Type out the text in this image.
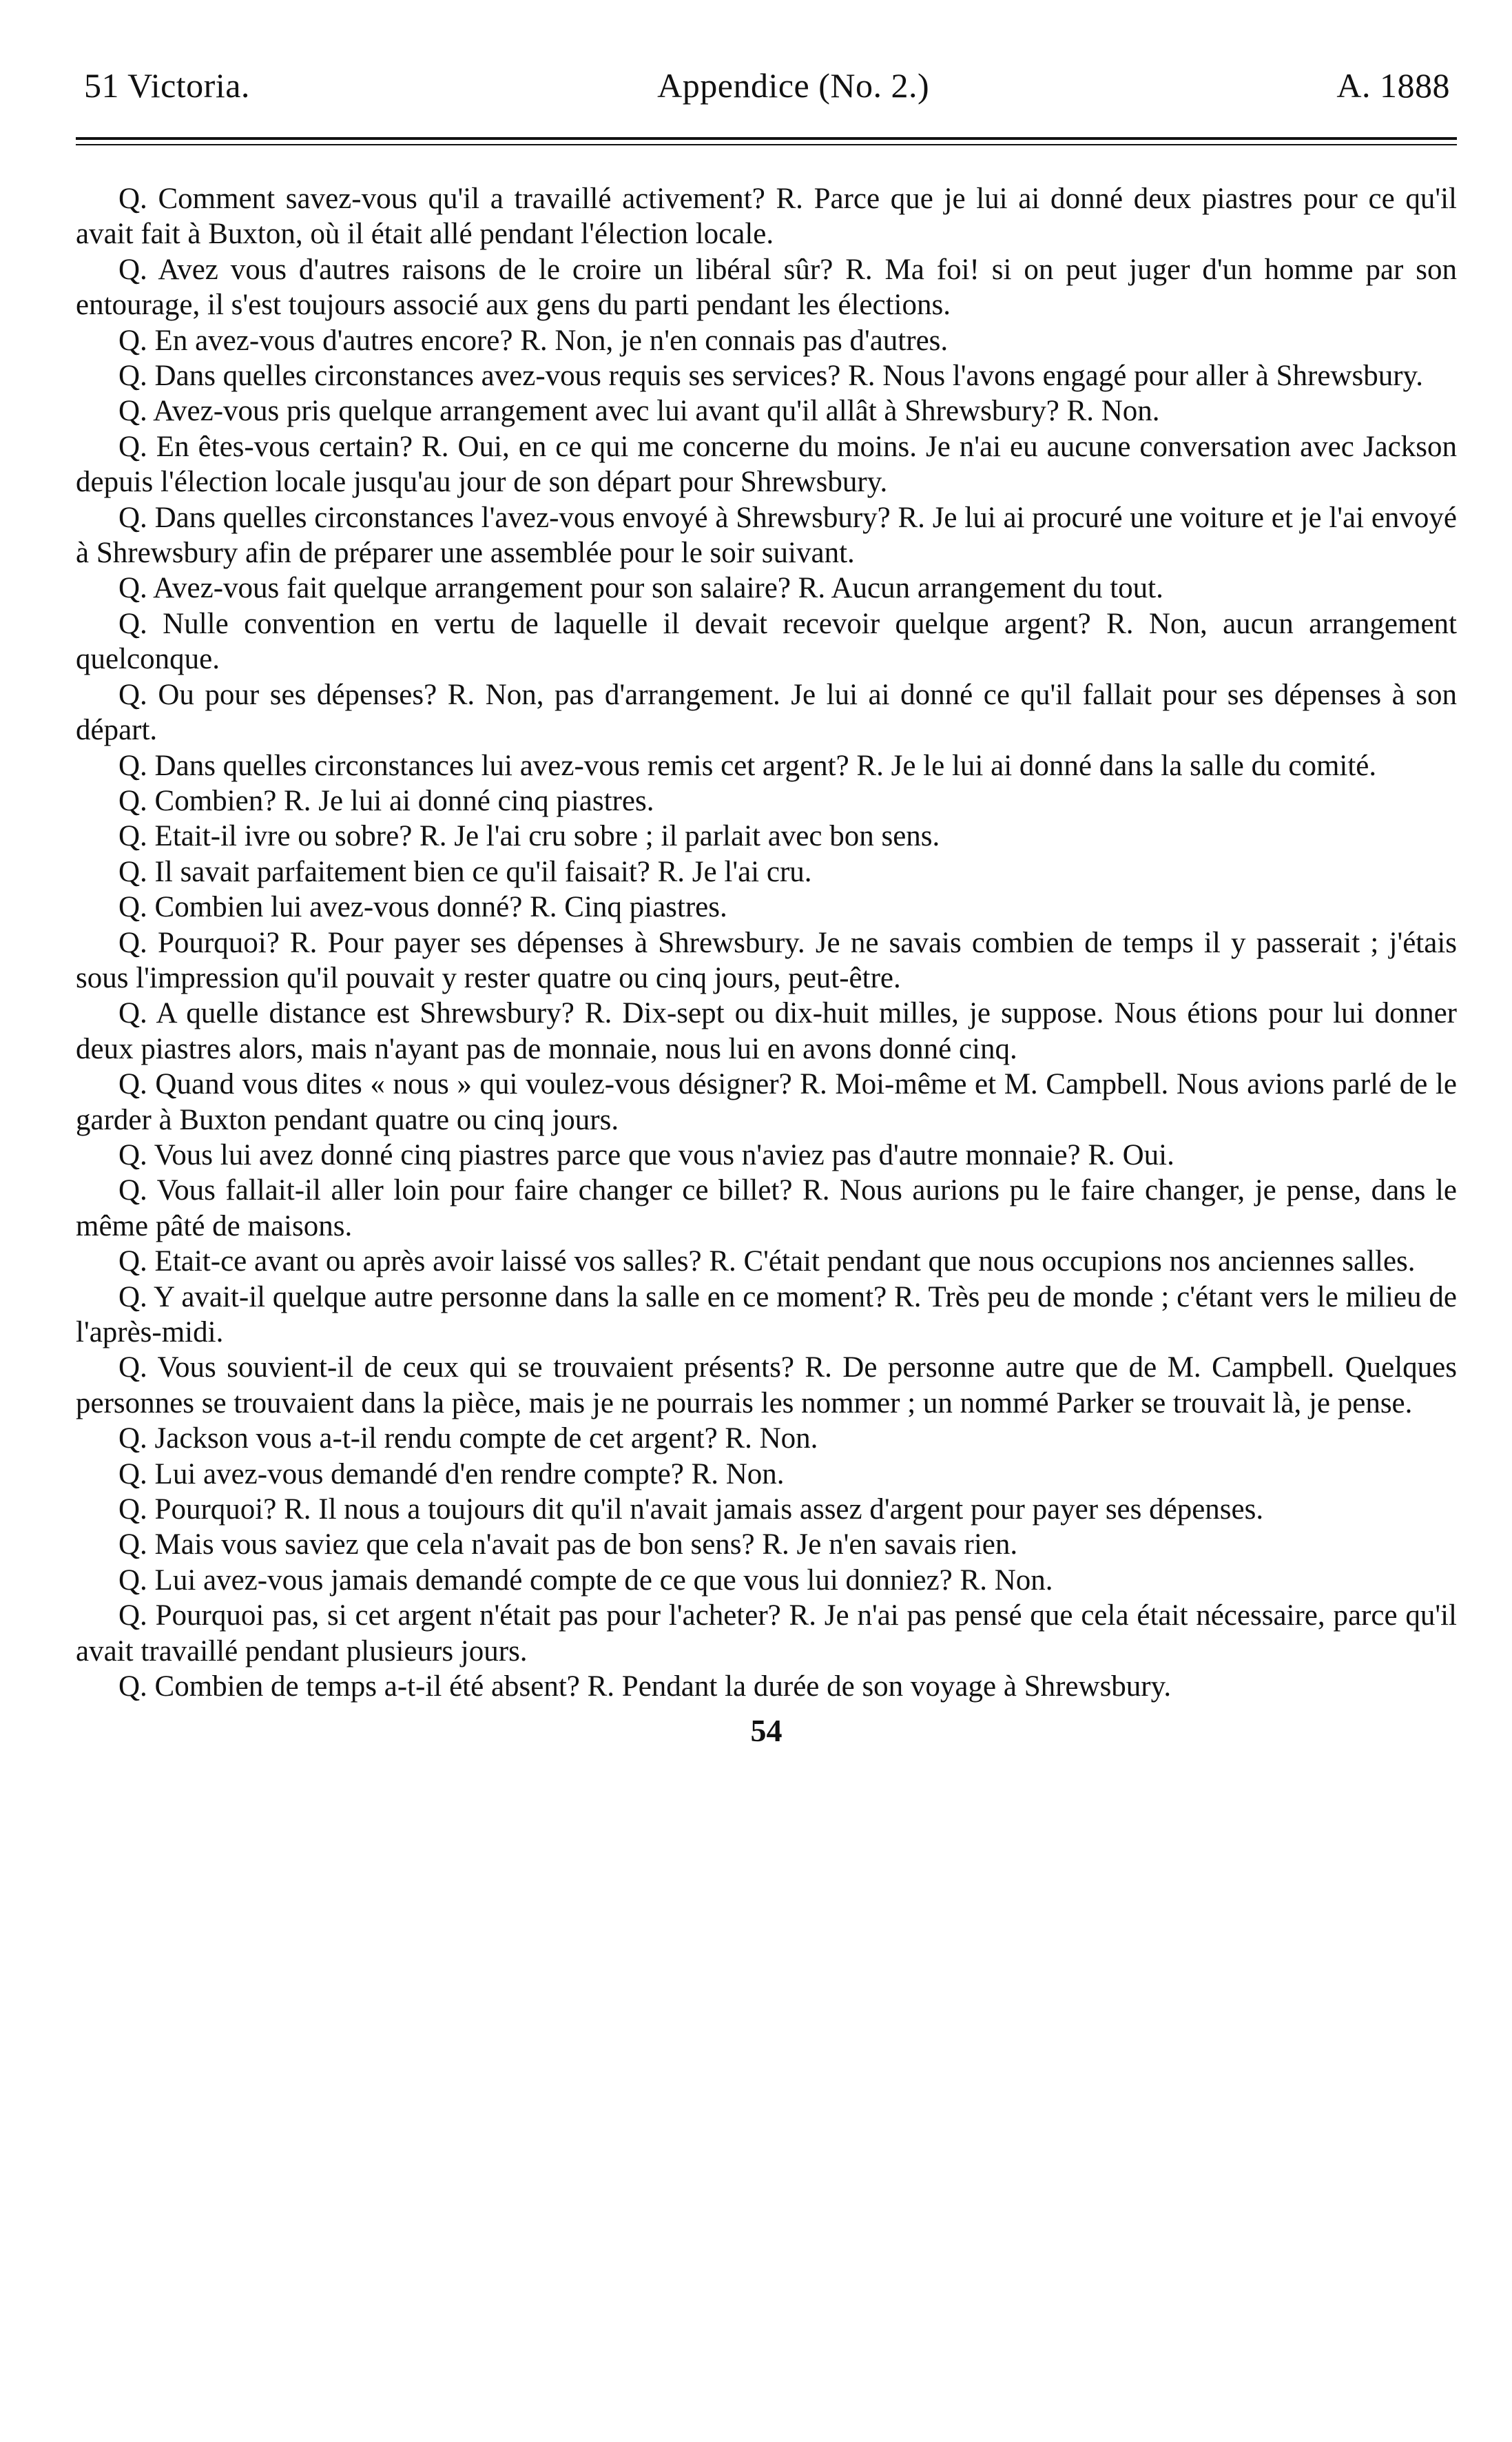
51 Victoria.	Appendice (No. 2.)	A. 1888

Q. Comment savez-vous qu'il a travaillé activement? R. Parce que je lui ai donné deux piastres pour ce qu'il avait fait à Buxton, où il était allé pendant l'élection locale.

Q. Avez vous d'autres raisons de le croire un libéral sûr? R. Ma foi! si on peut juger d'un homme par son entourage, il s'est toujours associé aux gens du parti pendant les élections.

Q. En avez-vous d'autres encore? R. Non, je n'en connais pas d'autres.

Q. Dans quelles circonstances avez-vous requis ses services? R. Nous l'avons engagé pour aller à Shrewsbury.

Q. Avez-vous pris quelque arrangement avec lui avant qu'il allât à Shrewsbury? R. Non.

Q. En êtes-vous certain? R. Oui, en ce qui me concerne du moins. Je n'ai eu aucune conversation avec Jackson depuis l'élection locale jusqu'au jour de son départ pour Shrewsbury.

Q. Dans quelles circonstances l'avez-vous envoyé à Shrewsbury? R. Je lui ai procuré une voiture et je l'ai envoyé à Shrewsbury afin de préparer une assemblée pour le soir suivant.

Q. Avez-vous fait quelque arrangement pour son salaire? R. Aucun arrangement du tout.

Q. Nulle convention en vertu de laquelle il devait recevoir quelque argent? R. Non, aucun arrangement quelconque.

Q. Ou pour ses dépenses? R. Non, pas d'arrangement. Je lui ai donné ce qu'il fallait pour ses dépenses à son départ.

Q. Dans quelles circonstances lui avez-vous remis cet argent? R. Je le lui ai donné dans la salle du comité.

Q. Combien? R. Je lui ai donné cinq piastres.

Q. Etait-il ivre ou sobre? R. Je l'ai cru sobre ; il parlait avec bon sens.

Q. Il savait parfaitement bien ce qu'il faisait? R. Je l'ai cru.

Q. Combien lui avez-vous donné? R. Cinq piastres.

Q. Pourquoi? R. Pour payer ses dépenses à Shrewsbury. Je ne savais combien de temps il y passerait ; j'étais sous l'impression qu'il pouvait y rester quatre ou cinq jours, peut-être.

Q. A quelle distance est Shrewsbury? R. Dix-sept ou dix-huit milles, je suppose. Nous étions pour lui donner deux piastres alors, mais n'ayant pas de monnaie, nous lui en avons donné cinq.

Q. Quand vous dites « nous » qui voulez-vous désigner? R. Moi-même et M. Campbell. Nous avions parlé de le garder à Buxton pendant quatre ou cinq jours.

Q. Vous lui avez donné cinq piastres parce que vous n'aviez pas d'autre monnaie? R. Oui.

Q. Vous fallait-il aller loin pour faire changer ce billet? R. Nous aurions pu le faire changer, je pense, dans le même pâté de maisons.

Q. Etait-ce avant ou après avoir laissé vos salles? R. C'était pendant que nous occupions nos anciennes salles.

Q. Y avait-il quelque autre personne dans la salle en ce moment? R. Très peu de monde ; c'étant vers le milieu de l'après-midi.

Q. Vous souvient-il de ceux qui se trouvaient présents? R. De personne autre que de M. Campbell. Quelques personnes se trouvaient dans la pièce, mais je ne pourrais les nommer ; un nommé Parker se trouvait là, je pense.

Q. Jackson vous a-t-il rendu compte de cet argent? R. Non.

Q. Lui avez-vous demandé d'en rendre compte? R. Non.

Q. Pourquoi? R. Il nous a toujours dit qu'il n'avait jamais assez d'argent pour payer ses dépenses.

Q. Mais vous saviez que cela n'avait pas de bon sens? R. Je n'en savais rien.

Q. Lui avez-vous jamais demandé compte de ce que vous lui donniez? R. Non.

Q. Pourquoi pas, si cet argent n'était pas pour l'acheter? R. Je n'ai pas pensé que cela était nécessaire, parce qu'il avait travaillé pendant plusieurs jours.

Q. Combien de temps a-t-il été absent? R. Pendant la durée de son voyage à Shrewsbury.

54
